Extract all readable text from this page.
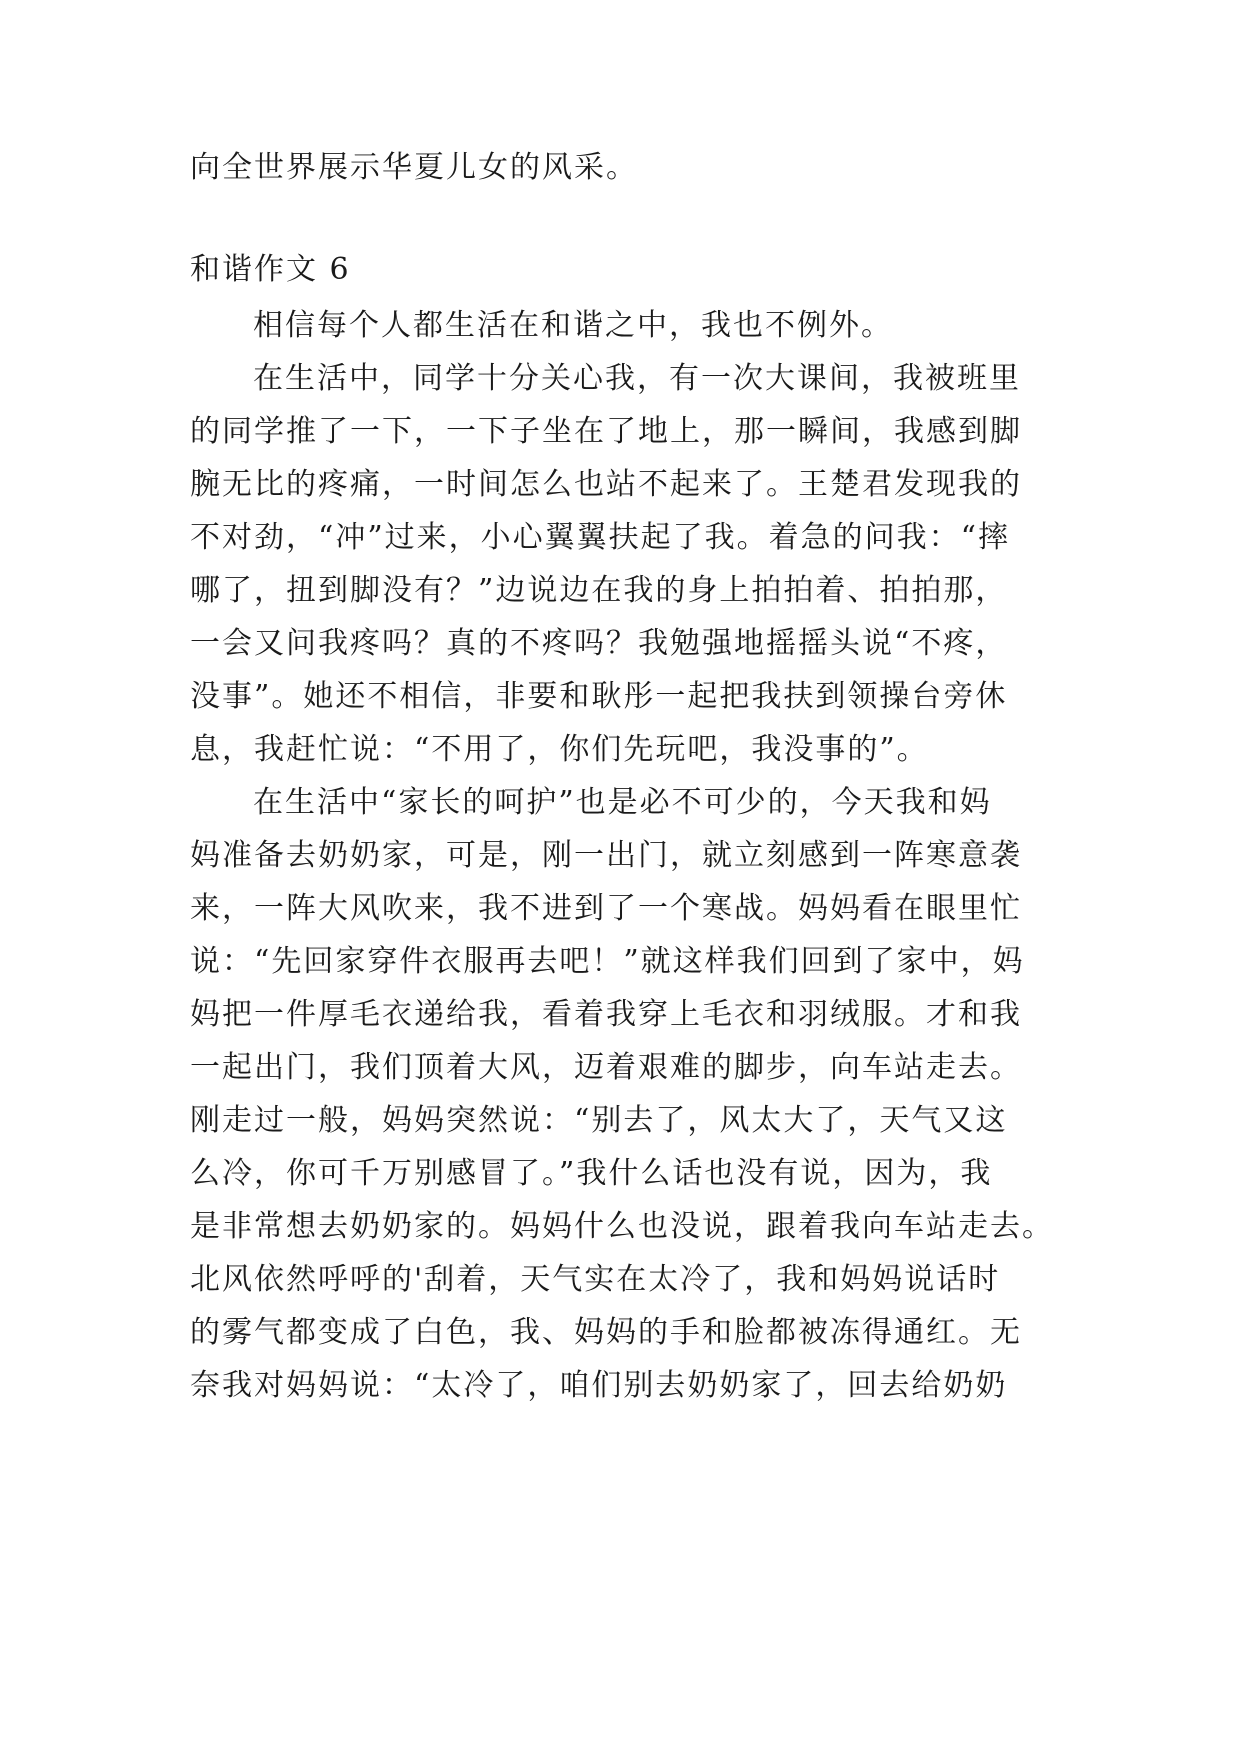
向全世界展示华夏儿女的风采。
和谐作文 6
相信每个人都生活在和谐之中，我也不例外。
在生活中，同学十分关心我，有一次大课间，我被班里
的同学推了一下，一下子坐在了地上，那一瞬间，我感到脚
腕无比的疼痛，一时间怎么也站不起来了。王楚君发现我的
不对劲，“冲”过来，小心翼翼扶起了我。着急的问我：“摔
哪了，扭到脚没有？”边说边在我的身上拍拍着、拍拍那，
一会又问我疼吗？真的不疼吗？我勉强地摇摇头说“不疼，
没事”。她还不相信，非要和耿彤一起把我扶到领操台旁休
息，我赶忙说：“不用了，你们先玩吧，我没事的”。
在生活中“家长的呵护”也是必不可少的，今天我和妈
妈准备去奶奶家，可是，刚一出门，就立刻感到一阵寒意袭
来，一阵大风吹来，我不进到了一个寒战。妈妈看在眼里忙
说：“先回家穿件衣服再去吧！”就这样我们回到了家中，妈
妈把一件厚毛衣递给我，看着我穿上毛衣和羽绒服。才和我
一起出门，我们顶着大风，迈着艰难的脚步，向车站走去。
刚走过一般，妈妈突然说：“别去了，风太大了，天气又这
么冷，你可千万别感冒了。”我什么话也没有说，因为，我
是非常想去奶奶家的。妈妈什么也没说，跟着我向车站走去。
北风依然呼呼的'刮着，天气实在太冷了，我和妈妈说话时
的雾气都变成了白色，我、妈妈的手和脸都被冻得通红。无
奈我对妈妈说：“太冷了，咱们别去奶奶家了，回去给奶奶
